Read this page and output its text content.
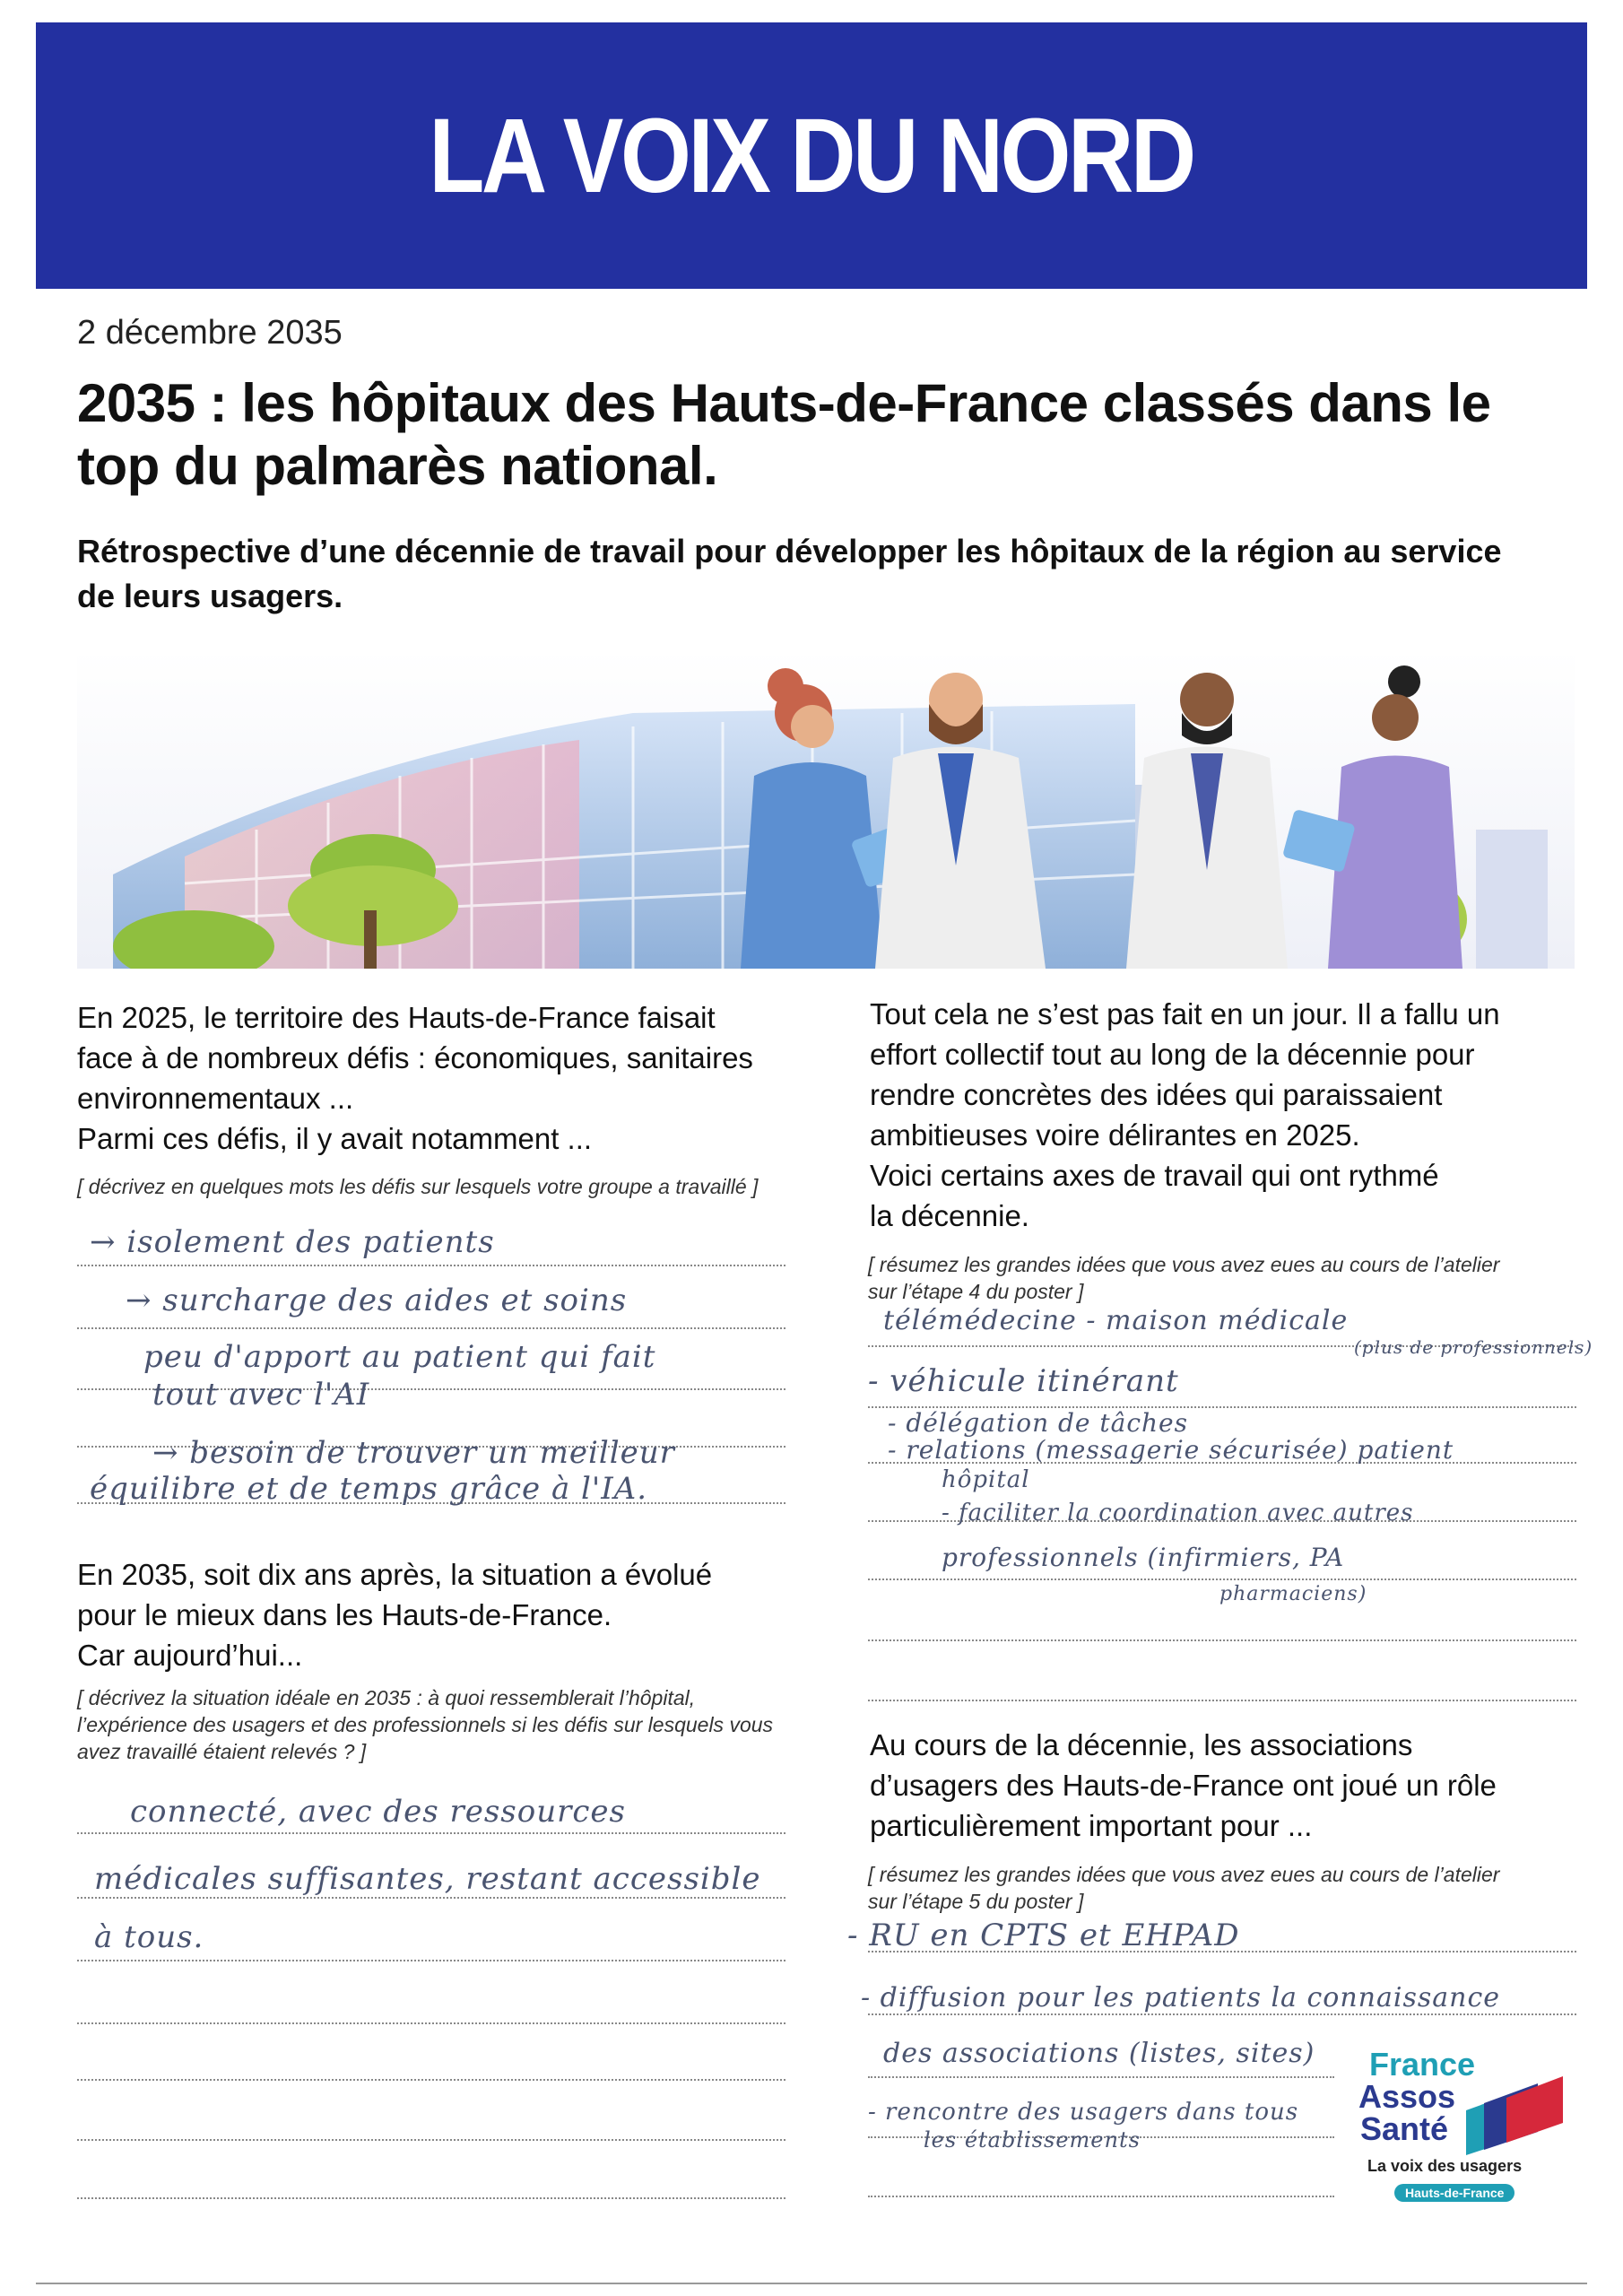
LA VOIX DU NORD
2 décembre 2035
2035 : les hôpitaux des Hauts-de-France classés dans le top du palmarès national.
Rétrospective d’une décennie de travail pour développer les hôpitaux de la région au service de leurs usagers.
En 2025, le territoire des Hauts-de-France faisait
face à de nombreux défis : économiques, sanitaires
environnementaux ...
Parmi ces défis, il y avait notamment ...
[ décrivez en quelques mots les défis sur lesquels votre groupe a travaillé ]
→ isolement des patients
→ surcharge des aides et soins
peu d'apport au patient qui fait
tout avec l'AI
→ besoin de trouver un meilleur
équilibre et de temps grâce à l'IA.
En 2035, soit dix ans après, la situation a évolué
pour le mieux dans les Hauts-de-France.
Car aujourd’hui...
[ décrivez la situation idéale en 2035 : à quoi ressemblerait l’hôpital,
l’expérience des usagers et des professionnels si les défis sur lesquels vous
avez travaillé étaient relevés ? ]
connecté, avec des ressources
médicales suffisantes, restant accessible
à tous.
Tout cela ne s’est pas fait en un jour. Il a fallu un
effort collectif tout au long de la décennie pour
rendre concrètes des idées qui paraissaient
ambitieuses voire délirantes en 2025.
Voici certains axes de travail qui ont rythmé
la décennie.
[ résumez les grandes idées que vous avez eues au cours de l’atelier
sur l’étape 4 du poster ]
télémédecine - maison médicale
(plus de professionnels)
- véhicule itinérant
- délégation de tâches
- relations (messagerie sécurisée) patient
hôpital
- faciliter la coordination avec autres
professionnels (infirmiers, PA
pharmaciens)
Au cours de la décennie, les associations
d’usagers des Hauts-de-France ont joué un rôle
particulièrement important pour ...
[ résumez les grandes idées que vous avez eues au cours de l’atelier
sur l’étape 5 du poster ]
- RU en CPTS et EHPAD
- diffusion pour les patients la connaissance
des associations (listes, sites)
- rencontre des usagers dans tous
les établissements
France
Assos
Santé
La voix des usagers
Hauts-de-France
